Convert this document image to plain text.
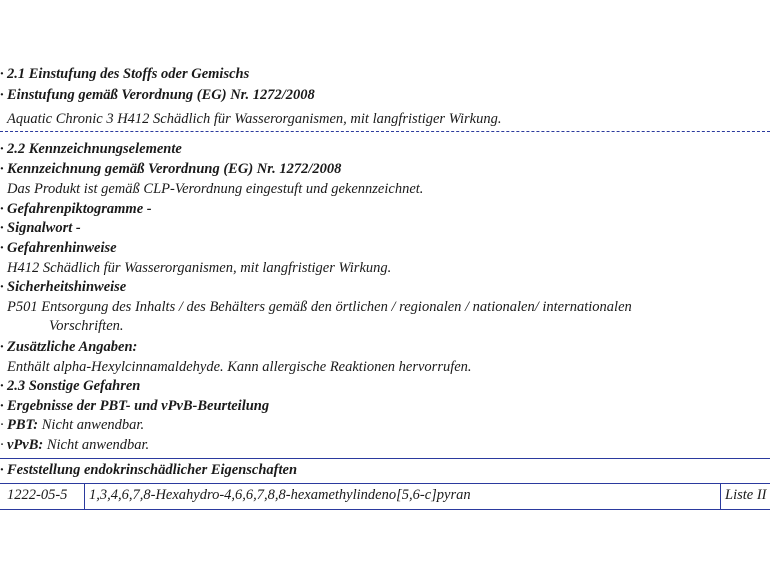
· 2.1 Einstufung des Stoffs oder Gemischs
· Einstufung gemäß Verordnung (EG) Nr. 1272/2008
Aquatic Chronic 3 H412 Schädlich für Wasserorganismen, mit langfristiger Wirkung.
· 2.2 Kennzeichnungselemente
· Kennzeichnung gemäß Verordnung (EG) Nr. 1272/2008
Das Produkt ist gemäß CLP-Verordnung eingestuft und gekennzeichnet.
· Gefahrenpiktogramme -
· Signalwort -
· Gefahrenhinweise
H412 Schädlich für Wasserorganismen, mit langfristiger Wirkung.
· Sicherheitshinweise
P501 Entsorgung des Inhalts / des Behälters gemäß den örtlichen / regionalen / nationalen/ internationalen
Vorschriften.
· Zusätzliche Angaben:
Enthält alpha-Hexylcinnamaldehyde. Kann allergische Reaktionen hervorrufen.
· 2.3 Sonstige Gefahren
· Ergebnisse der PBT- und vPvB-Beurteilung
· PBT: Nicht anwendbar.
· vPvB: Nicht anwendbar.
· Feststellung endokrinschädlicher Eigenschaften
1222-05-5 1,3,4,6,7,8-Hexahydro-4,6,6,7,8,8-hexamethylindeno[5,6-c]pyran	Liste II
